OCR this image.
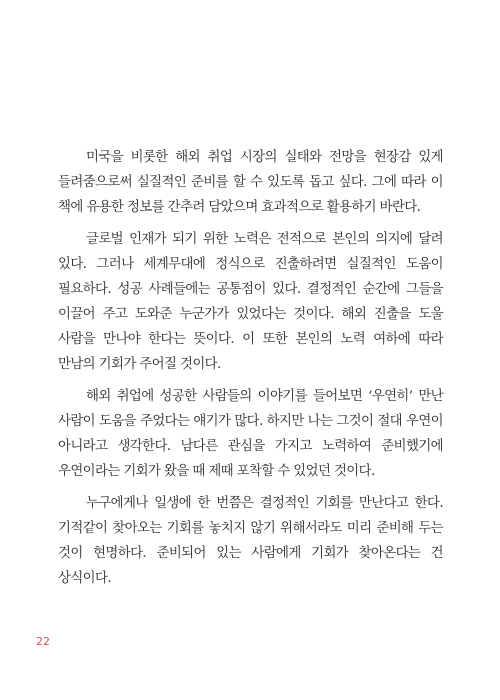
미국을 비롯한 해외 취업 시장의 실태와 전망을 현장감 있게 들려줌으로써 실질적인 준비를 할 수 있도록 돕고 싶다. 그에 따라 이 책에 유용한 정보를 간추려 담았으며 효과적으로 활용하기 바란다.

글로벌 인재가 되기 위한 노력은 전적으로 본인의 의지에 달려 있다. 그러나 세계무대에 정식으로 진출하려면 실질적인 도움이 필요하다. 성공 사례들에는 공통점이 있다. 결정적인 순간에 그들을 이끌어 주고 도와준 누군가가 있었다는 것이다. 해외 진출을 도울 사람을 만나야 한다는 뜻이다. 이 또한 본인의 노력 여하에 따라 만남의 기회가 주어질 것이다.

해외 취업에 성공한 사람들의 이야기를 들어보면 ‘우연히’ 만난 사람이 도움을 주었다는 얘기가 많다. 하지만 나는 그것이 절대 우연이 아니라고 생각한다. 남다른 관심을 가지고 노력하여 준비했기에 우연이라는 기회가 왔을 때 제때 포착할 수 있었던 것이다.

누구에게나 일생에 한 번쯤은 결정적인 기회를 만난다고 한다. 기적같이 찾아오는 기회를 놓치지 않기 위해서라도 미리 준비해 두는 것이 현명하다. 준비되어 있는 사람에게 기회가 찾아온다는 건 상식이다.

22
